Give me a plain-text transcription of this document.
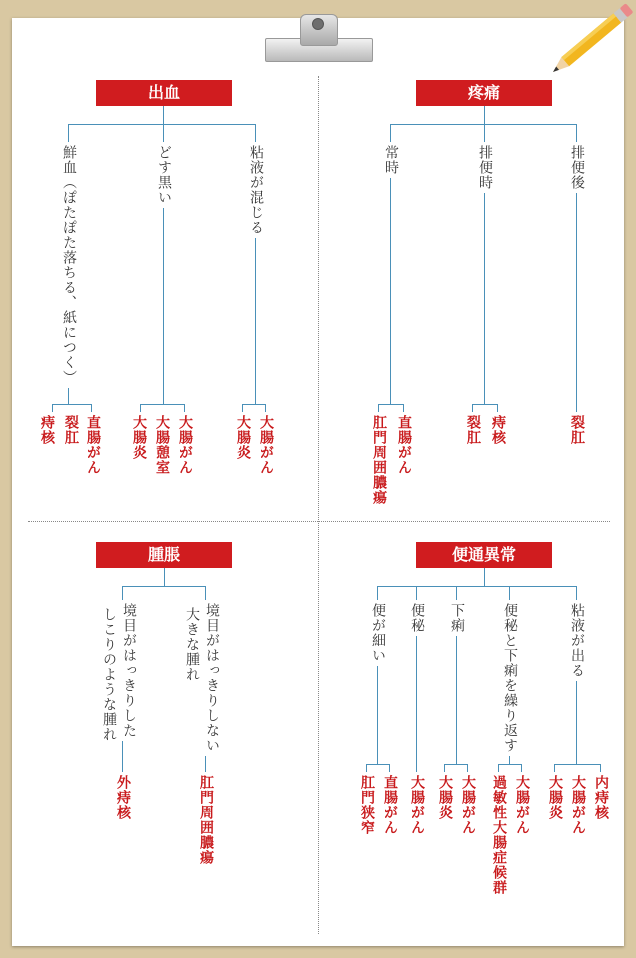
出血
鮮血（ぽたぽた落ちる、紙につく）	どす黒い	粘液が混じる
痔核 裂肛 直腸がん 大腸炎 大腸憩室 大腸がん	大腸炎 大腸がん
疼痛
常時	排便時	排便後
肛門周囲膿瘍 直腸がん	裂肛 痔核	裂肛
腫脹
境目がはっきりした
しこりのような腫れ	境目がはっきりしない
大きな腫れ
外痔核	肛門周囲膿瘍
便通異常
便が細い 便秘 下痢	便秘と下痢を繰り返す	粘液が出る
肛門狭窄 直腸がん 大腸がん 大腸炎 大腸がん 過敏性大腸症候群 大腸がん 大腸炎 大腸がん 内痔核
